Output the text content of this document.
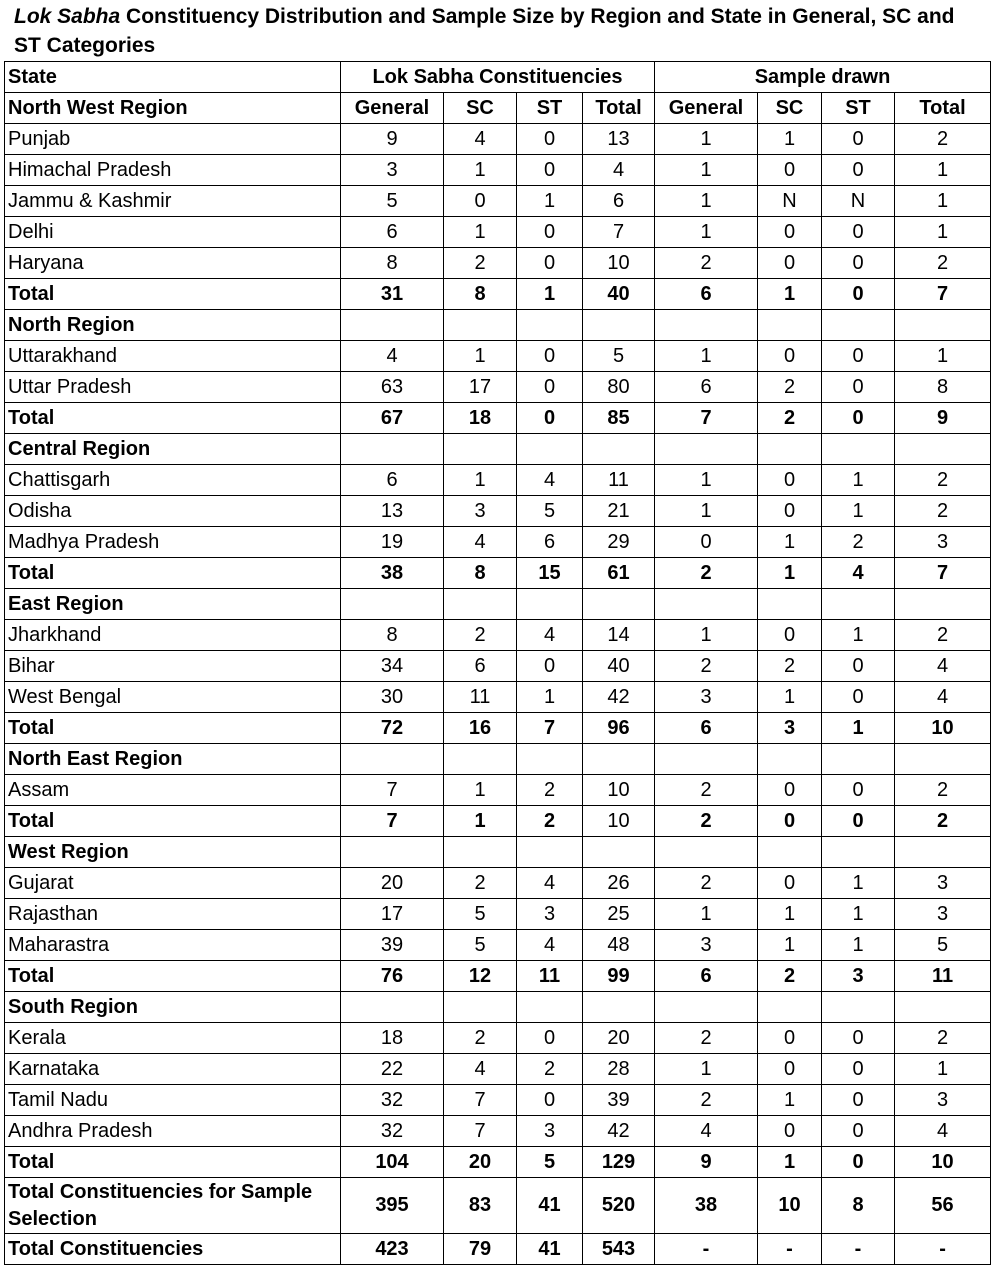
Lok Sabha Constituency Distribution and Sample Size by Region and State in General, SC and ST Categories
State	Lok Sabha Constituencies				Sample drawn			
North West Region	General	SC	ST	Total	General	SC	ST	Total
Punjab	9	4	0	13	1	1	0	2
Himachal Pradesh	3	1	0	4	1	0	0	1
Jammu & Kashmir	5	0	1	6	1	N	N	1
Delhi	6	1	0	7	1	0	0	1
Haryana	8	2	0	10	2	0	0	2
Total	31	8	1	40	6	1	0	7
North Region								
Uttarakhand	4	1	0	5	1	0	0	1
Uttar Pradesh	63	17	0	80	6	2	0	8
Total	67	18	0	85	7	2	0	9
Central Region								
Chattisgarh	6	1	4	11	1	0	1	2
Odisha	13	3	5	21	1	0	1	2
Madhya Pradesh	19	4	6	29	0	1	2	3
Total	38	8	15	61	2	1	4	7
East Region								
Jharkhand	8	2	4	14	1	0	1	2
Bihar	34	6	0	40	2	2	0	4
West Bengal	30	11	1	42	3	1	0	4
Total	72	16	7	96	6	3	1	10
North East Region								
Assam	7	1	2	10	2	0	0	2
Total	7	1	2	10	2	0	0	2
West Region								
Gujarat	20	2	4	26	2	0	1	3
Rajasthan	17	5	3	25	1	1	1	3
Maharastra	39	5	4	48	3	1	1	5
Total	76	12	11	99	6	2	3	11
South Region								
Kerala	18	2	0	20	2	0	0	2
Karnataka	22	4	2	28	1	0	0	1
Tamil Nadu	32	7	0	39	2	1	0	3
Andhra Pradesh	32	7	3	42	4	0	0	4
Total	104	20	5	129	9	1	0	10
Total Constituencies for Sample Selection	395	83	41	520	38	10	8	56
Total Constituencies	423	79	41	543	-	-	-	-
